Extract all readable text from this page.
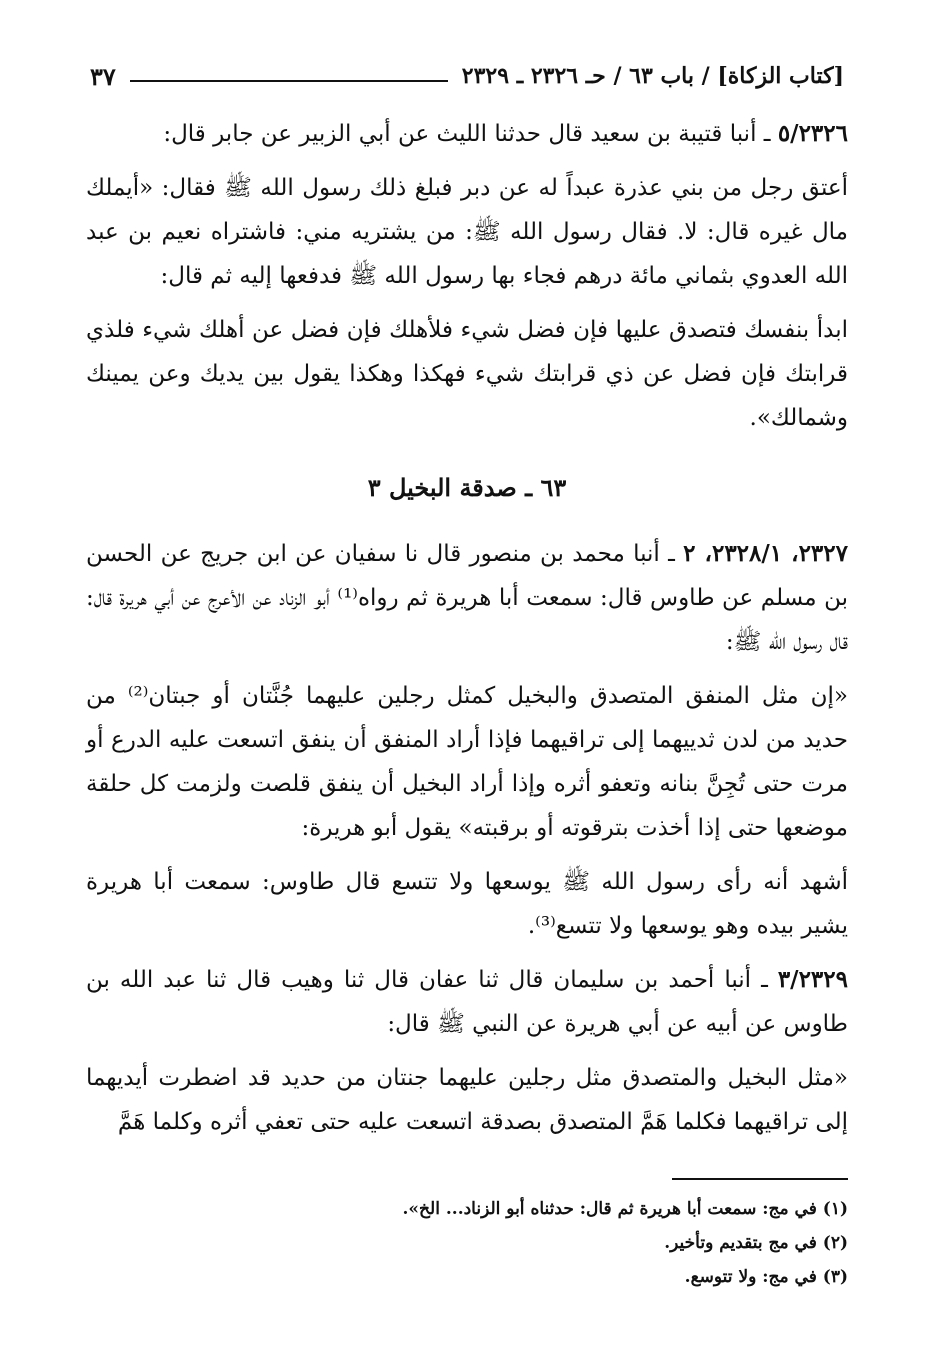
[كتاب الزكاة] / باب ٦٣ / حـ ٢٣٢٦ ـ ٢٣٢٩
٣٧

٥/٢٣٢٦ ـ أنبا قتيبة بن سعيد قال حدثنا الليث عن أبي الزبير عن جابر قال:

أعتق رجل من بني عذرة عبداً له عن دبر فبلغ ذلك رسول الله ﷺ فقال: «أيملك مال غيره قال: لا. فقال رسول الله ﷺ: من يشتريه مني: فاشتراه نعيم بن عبد الله العدوي بثماني مائة درهم فجاء بها رسول الله ﷺ فدفعها إليه ثم قال:

ابدأ بنفسك فتصدق عليها فإن فضل شيء فلأهلك فإن فضل عن أهلك شيء فلذي قرابتك فإن فضل عن ذي قرابتك شيء فهكذا وهكذا يقول بين يديك وعن يمينك وشمالك».

٦٣ ـ صدقة البخيل ٣

٢٣٢٧، ٢٣٢٨/١، ٢ ـ أنبا محمد بن منصور قال نا سفيان عن ابن جريج عن الحسن بن مسلم عن طاوس قال: سمعت أبا هريرة ثم رواه⁽¹⁾ أبو الزناد عن الأعرج عن أبي هريرة قال: قال رسول الله ﷺ:

«إن مثل المنفق المتصدق والبخيل كمثل رجلين عليهما جُنَّتان أو جبتان⁽²⁾ من حديد من لدن ثدييهما إلى تراقيهما فإذا أراد المنفق أن ينفق اتسعت عليه الدرع أو مرت حتى تُجِنَّ بنانه وتعفو أثره وإذا أراد البخيل أن ينفق قلصت ولزمت كل حلقة موضعها حتى إذا أخذت بترقوته أو برقبته» يقول أبو هريرة:

أشهد أنه رأى رسول الله ﷺ يوسعها ولا تتسع قال طاوس: سمعت أبا هريرة يشير بيده وهو يوسعها ولا تتسع⁽³⁾.

٣/٢٣٢٩ ـ أنبا أحمد بن سليمان قال ثنا عفان قال ثنا وهيب قال ثنا عبد الله بن طاوس عن أبيه عن أبي هريرة عن النبي ﷺ قال:

«مثل البخيل والمتصدق مثل رجلين عليهما جنتان من حديد قد اضطرت أيديهما إلى تراقيهما فكلما هَمَّ المتصدق بصدقة اتسعت عليه حتى تعفي أثره وكلما هَمَّ

(١) في مج: سمعت أبا هريرة ثم قال: حدثناه أبو الزناد... الخ».
(٢) في مج بتقديم وتأخير.
(٣) في مج: ولا تتوسع.
